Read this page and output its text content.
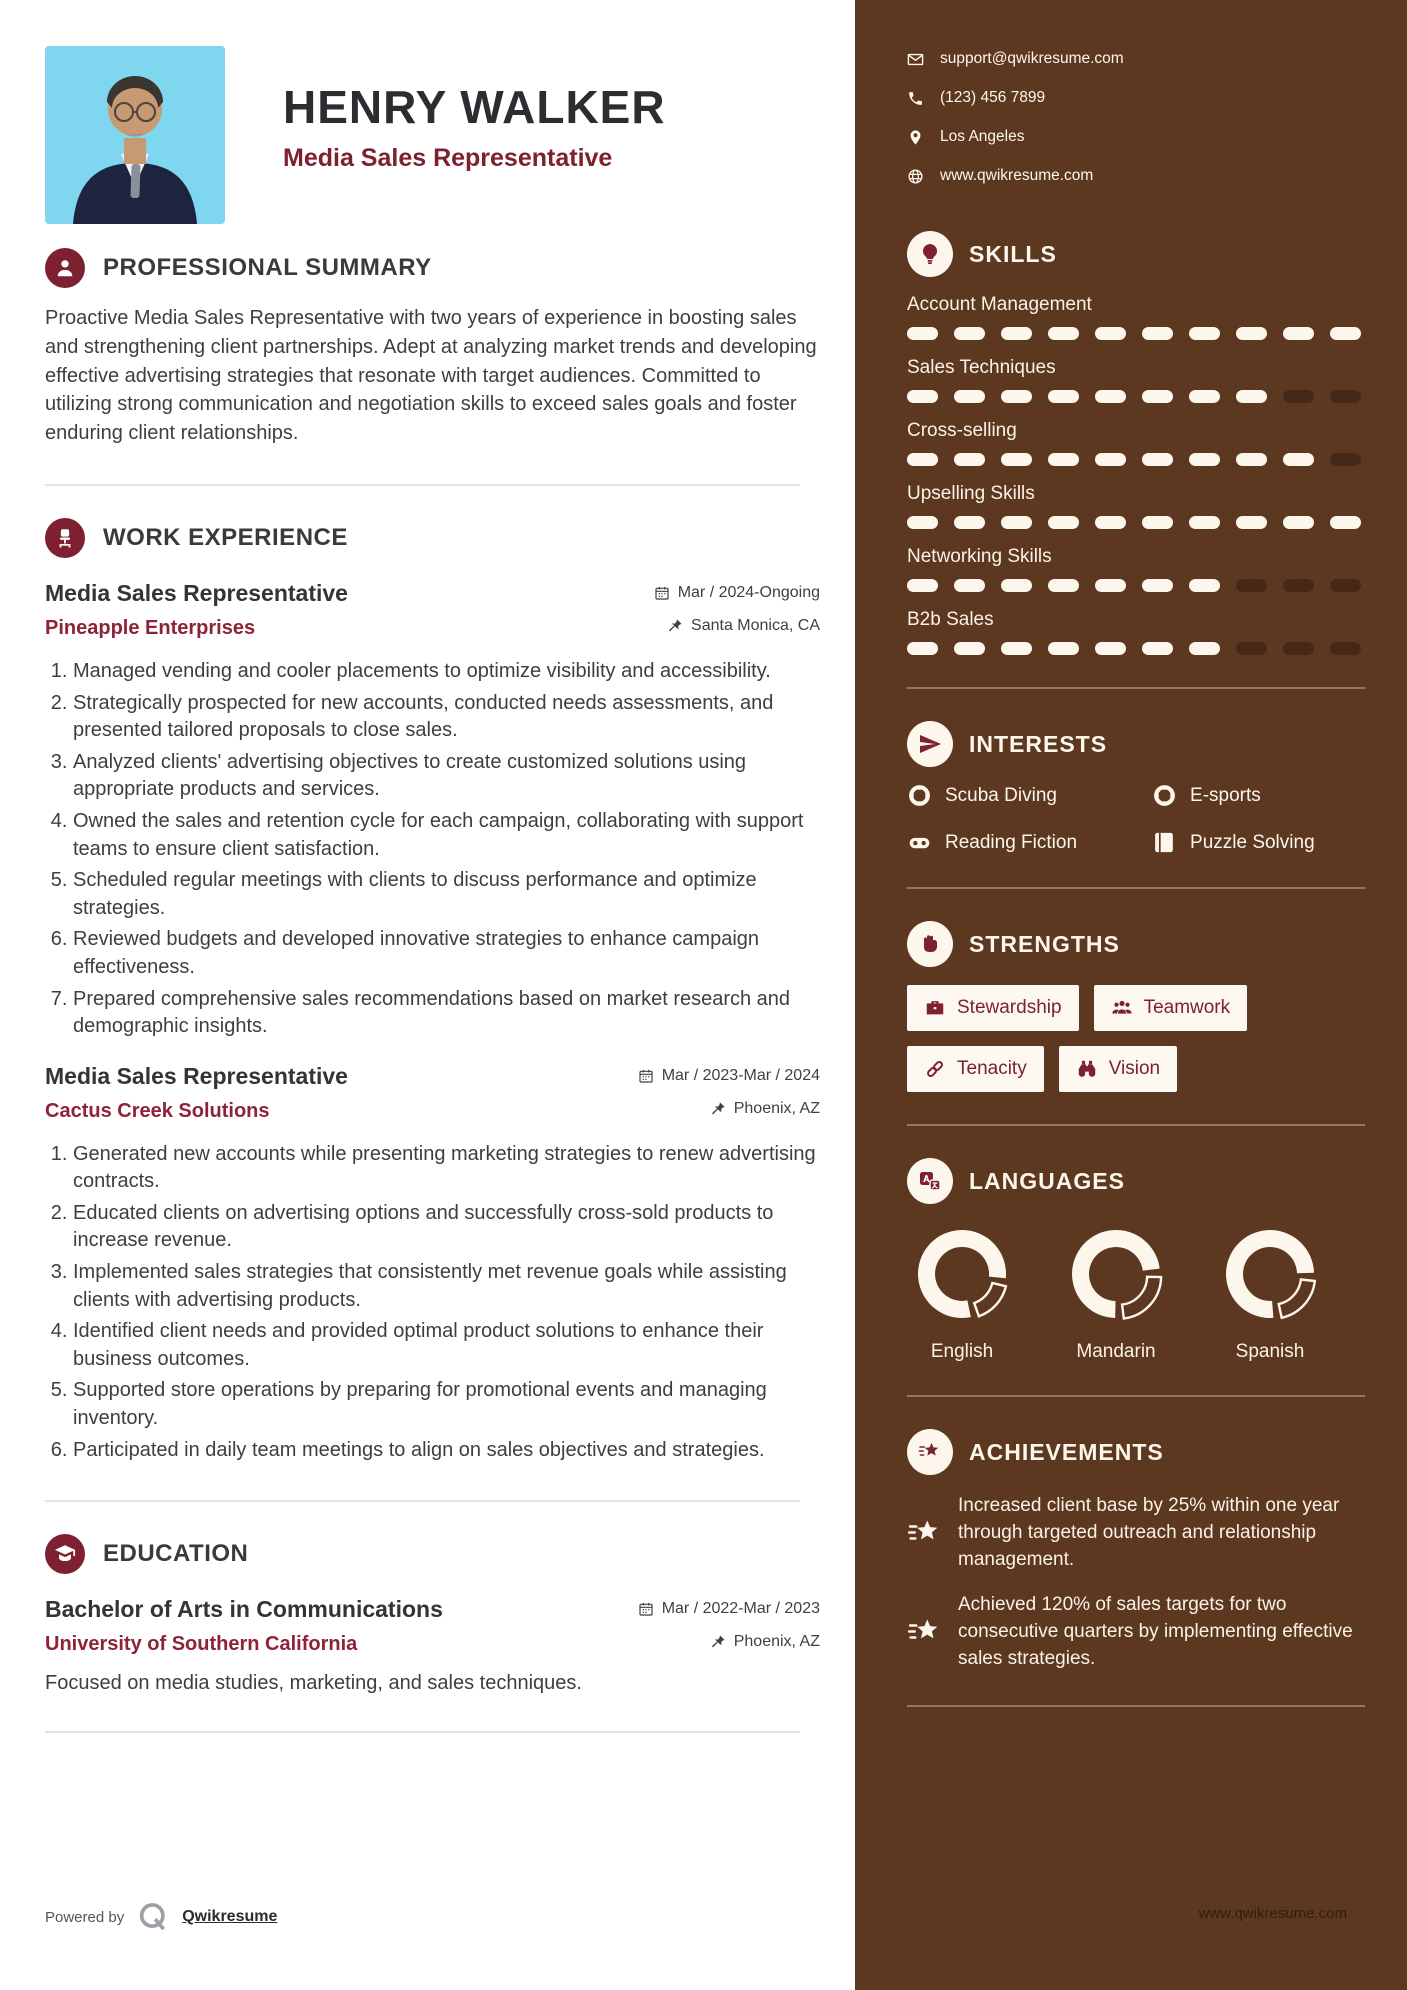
HENRY WALKER
Media Sales Representative
PROFESSIONAL SUMMARY

Proactive Media Sales Representative with two years of experience in boosting sales and strengthening client partnerships. Adept at analyzing market trends and developing effective advertising strategies that resonate with target audiences. Committed to utilizing strong communication and negotiation skills to exceed sales goals and foster enduring client relationships.

WORK EXPERIENCE
Media Sales Representative	Mar / 2024-Ongoing
Pineapple Enterprises	Santa Monica, CA
1. Managed vending and cooler placements to optimize visibility and accessibility.
2. Strategically prospected for new accounts, conducted needs assessments, and presented tailored proposals to close sales.
3. Analyzed clients' advertising objectives to create customized solutions using appropriate products and services.
4. Owned the sales and retention cycle for each campaign, collaborating with support teams to ensure client satisfaction.
5. Scheduled regular meetings with clients to discuss performance and optimize strategies.
6. Reviewed budgets and developed innovative strategies to enhance campaign effectiveness.
7. Prepared comprehensive sales recommendations based on market research and demographic insights.
Media Sales Representative	Mar / 2023-Mar / 2024
Cactus Creek Solutions	Phoenix, AZ
1. Generated new accounts while presenting marketing strategies to renew advertising contracts.
2. Educated clients on advertising options and successfully cross-sold products to increase revenue.
3. Implemented sales strategies that consistently met revenue goals while assisting clients with advertising products.
4. Identified client needs and provided optimal product solutions to enhance their business outcomes.
5. Supported store operations by preparing for promotional events and managing inventory.
6. Participated in daily team meetings to align on sales objectives and strategies.
EDUCATION
Bachelor of Arts in Communications	Mar / 2022-Mar / 2023
University of Southern California	Phoenix, AZ
Focused on media studies, marketing, and sales techniques.
Powered by	Qwikresume
support@qwikresume.com
(123) 456 7899
Los Angeles
www.qwikresume.com
SKILLS
Account Management
Sales Techniques
Cross-selling
Upselling Skills
Networking Skills
B2b Sales
INTERESTS
Scuba Diving	E-sports
Reading Fiction	Puzzle Solving
STRENGTHS
Stewardship	Teamwork
Tenacity	Vision
LANGUAGES
English	Mandarin	Spanish
ACHIEVEMENTS
Increased client base by 25% within one year through targeted outreach and relationship management.
Achieved 120% of sales targets for two consecutive quarters by implementing effective sales strategies.
www.qwikresume.com
